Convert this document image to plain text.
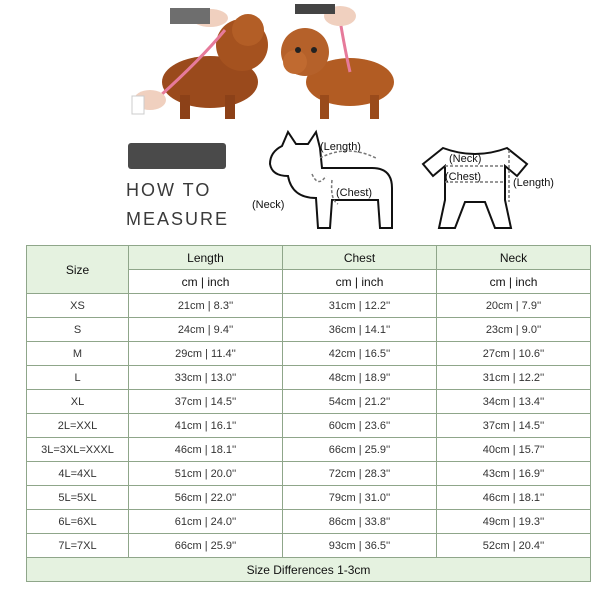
HOW TO
MEASURE
(Length)
(Chest)
(Neck)
(Neck)
(Chest)	(Length)
Size	Length	Chest	Neck
	cm | inch	cm | inch	cm | inch
XS	21cm | 8.3''	31cm | 12.2''	20cm | 7.9''
S	24cm | 9.4''	36cm | 14.1''	23cm | 9.0''
M	29cm | 11.4''	42cm | 16.5''	27cm | 10.6''
L	33cm | 13.0''	48cm | 18.9''	31cm | 12.2''
XL	37cm | 14.5''	54cm | 21.2''	34cm | 13.4''
2L=XXL	41cm | 16.1''	60cm | 23.6''	37cm | 14.5''
3L=3XL=XXXL	46cm | 18.1''	66cm | 25.9''	40cm | 15.7''
4L=4XL	51cm | 20.0''	72cm | 28.3''	43cm | 16.9''
5L=5XL	56cm | 22.0''	79cm | 31.0''	46cm | 18.1''
6L=6XL	61cm | 24.0''	86cm | 33.8''	49cm | 19.3''
7L=7XL	66cm | 25.9''	93cm | 36.5''	52cm | 20.4''
Size Differences 1-3cm			
